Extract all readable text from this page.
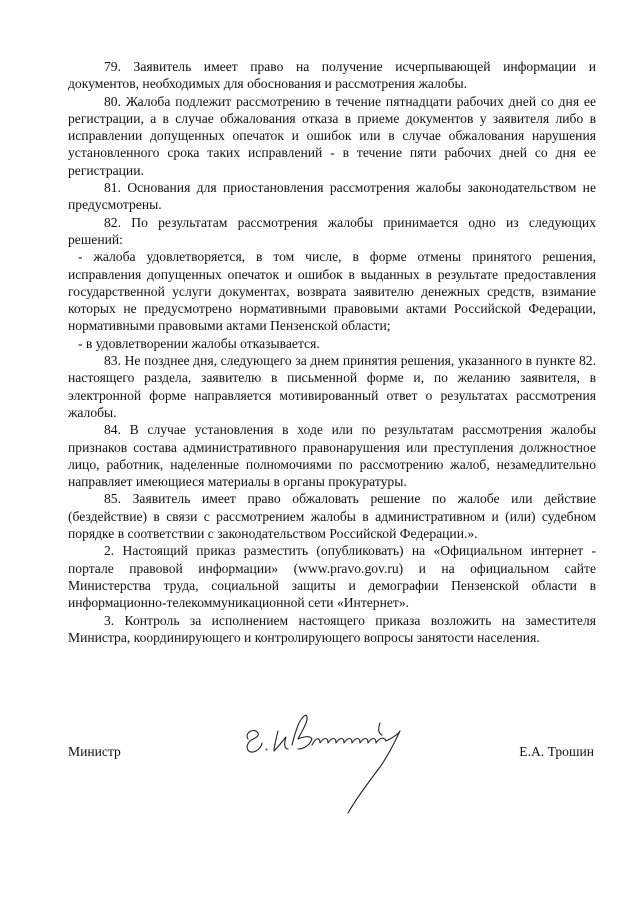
79. Заявитель имеет право на получение исчерпывающей информации и документов, необходимых для обоснования и рассмотрения жалобы.

80. Жалоба подлежит рассмотрению в течение пятнадцати рабочих дней со дня ее регистрации, а в случае обжалования отказа в приеме документов у заявителя либо в исправлении допущенных опечаток и ошибок или в случае обжалования нарушения установленного срока таких исправлений - в течение пяти рабочих дней со дня ее регистрации.

81. Основания для приостановления рассмотрения жалобы законодательством не предусмотрены.

82. По результатам рассмотрения жалобы принимается одно из следующих решений:

- жалоба удовлетворяется, в том числе, в форме отмены принятого решения, исправления допущенных опечаток и ошибок в выданных в результате предоставления государственной услуги документах, возврата заявителю денежных средств, взимание которых не предусмотрено нормативными правовыми актами Российской Федерации, нормативными правовыми актами Пензенской области;

- в удовлетворении жалобы отказывается.

83. Не позднее дня, следующего за днем принятия решения, указанного в пункте 82. настоящего раздела, заявителю в письменной форме и, по желанию заявителя, в электронной форме направляется мотивированный ответ о результатах рассмотрения жалобы.

84. В случае установления в ходе или по результатам рассмотрения жалобы признаков состава административного правонарушения или преступления должностное лицо, работник, наделенные полномочиями по рассмотрению жалоб, незамедлительно направляет имеющиеся материалы в органы прокуратуры.

85. Заявитель имеет право обжаловать решение по жалобе или действие (бездействие) в связи с рассмотрением жалобы в административном и (или) судебном порядке в соответствии с законодательством Российской Федерации.».

2. Настоящий приказ разместить (опубликовать) на «Официальном интернет - портале правовой информации» (www.pravo.gov.ru) и на официальном сайте Министерства труда, социальной защиты и демографии Пензенской области в информационно-телекоммуникационной сети «Интернет».

3. Контроль за исполнением настоящего приказа возложить на заместителя Министра, координирующего и контролирующего вопросы занятости населения.

Министр	Е.А. Трошин
